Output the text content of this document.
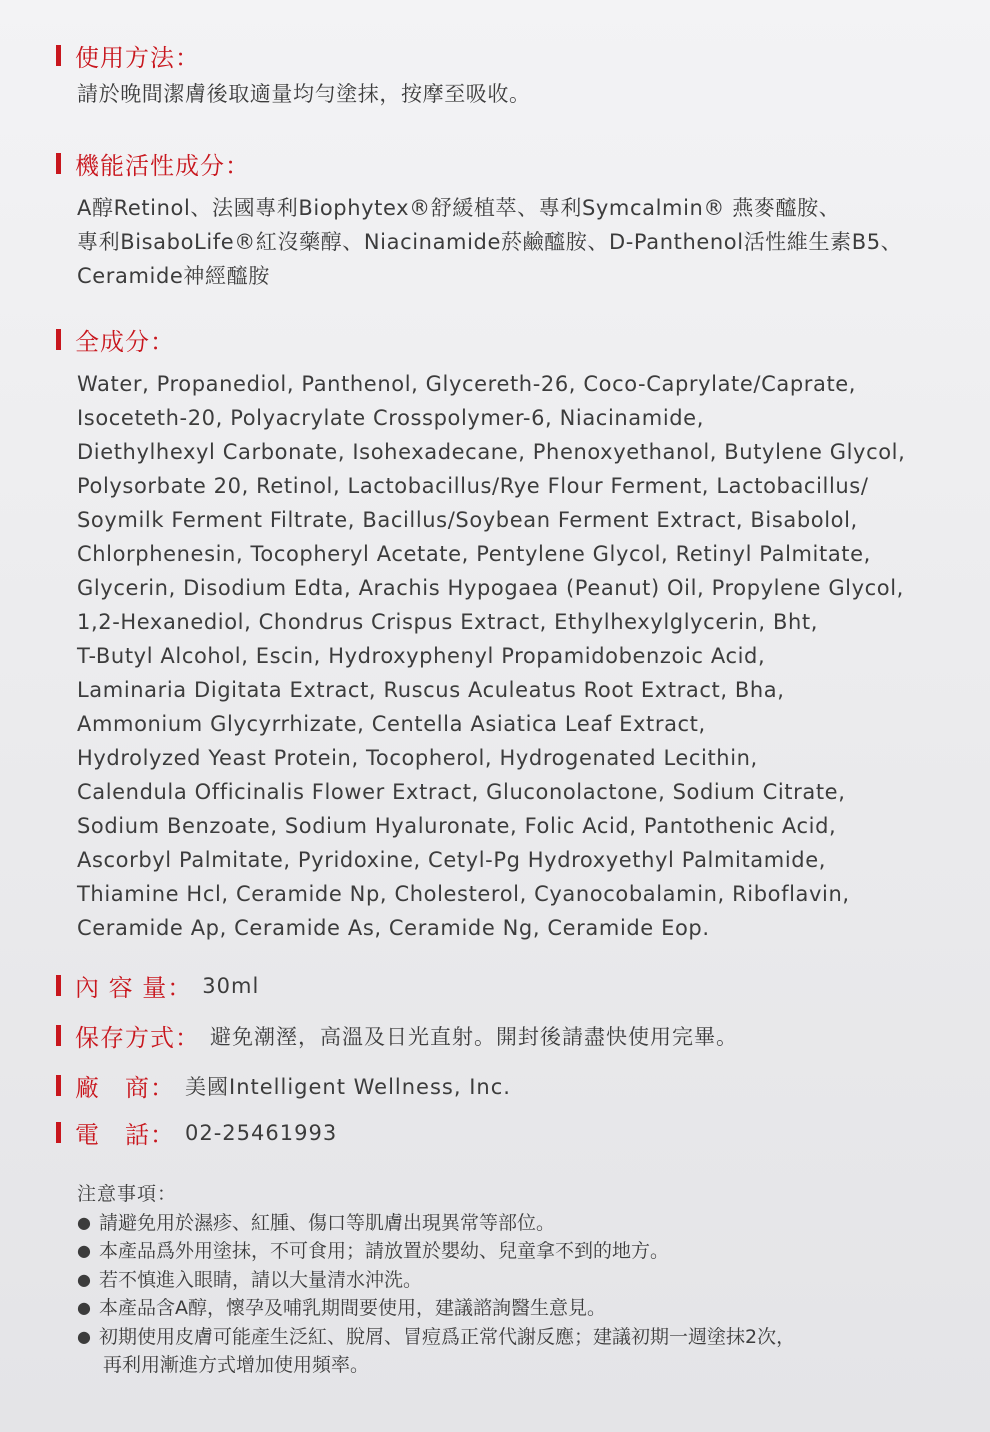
使用方法：
請於晚間潔膚後取適量均勻塗抹，按摩至吸收。
機能活性成分：
A醇Retinol、法國專利Biophytex®舒緩植萃、專利Symcalmin® 燕麥醯胺、
專利BisaboLife®紅沒藥醇、Niacinamide菸鹼醯胺、D-Panthenol活性維生素B5、
Ceramide神經醯胺
全成分：
Water, Propanediol, Panthenol, Glycereth-26, Coco-Caprylate/Caprate,
Isoceteth-20, Polyacrylate Crosspolymer-6, Niacinamide,
Diethylhexyl Carbonate, Isohexadecane, Phenoxyethanol, Butylene Glycol,
Polysorbate 20, Retinol, Lactobacillus/Rye Flour Ferment, Lactobacillus/
Soymilk Ferment Filtrate, Bacillus/Soybean Ferment Extract, Bisabolol,
Chlorphenesin, Tocopheryl Acetate, Pentylene Glycol, Retinyl Palmitate,
Glycerin, Disodium Edta, Arachis Hypogaea (Peanut) Oil, Propylene Glycol,
1,2-Hexanediol, Chondrus Crispus Extract, Ethylhexylglycerin, Bht,
T-Butyl Alcohol, Escin, Hydroxyphenyl Propamidobenzoic Acid,
Laminaria Digitata Extract, Ruscus Aculeatus Root Extract, Bha,
Ammonium Glycyrrhizate, Centella Asiatica Leaf Extract,
Hydrolyzed Yeast Protein, Tocopherol, Hydrogenated Lecithin,
Calendula Officinalis Flower Extract, Gluconolactone, Sodium Citrate,
Sodium Benzoate, Sodium Hyaluronate, Folic Acid, Pantothenic Acid,
Ascorbyl Palmitate, Pyridoxine, Cetyl-Pg Hydroxyethyl Palmitamide,
Thiamine Hcl, Ceramide Np, Cholesterol, Cyanocobalamin, Riboflavin,
Ceramide Ap, Ceramide As, Ceramide Ng, Ceramide Eop.
內 容 量： 30ml
保存方式： 避免潮溼，高溫及日光直射。開封後請盡快使用完畢。
廠　商： 美國Intelligent Wellness, Inc.
電　話： 02-25461993
注意事項：
● 請避免用於濕疹、紅腫、傷口等肌膚出現異常等部位。
● 本產品爲外用塗抹，不可食用；請放置於嬰幼、兒童拿不到的地方。
● 若不慎進入眼睛，請以大量清水沖洗。
● 本產品含A醇，懷孕及哺乳期間要使用，建議諮詢醫生意見。
● 初期使用皮膚可能產生泛紅、脫屑、冒痘爲正常代謝反應；建議初期一週塗抹2次，
再利用漸進方式增加使用頻率。
